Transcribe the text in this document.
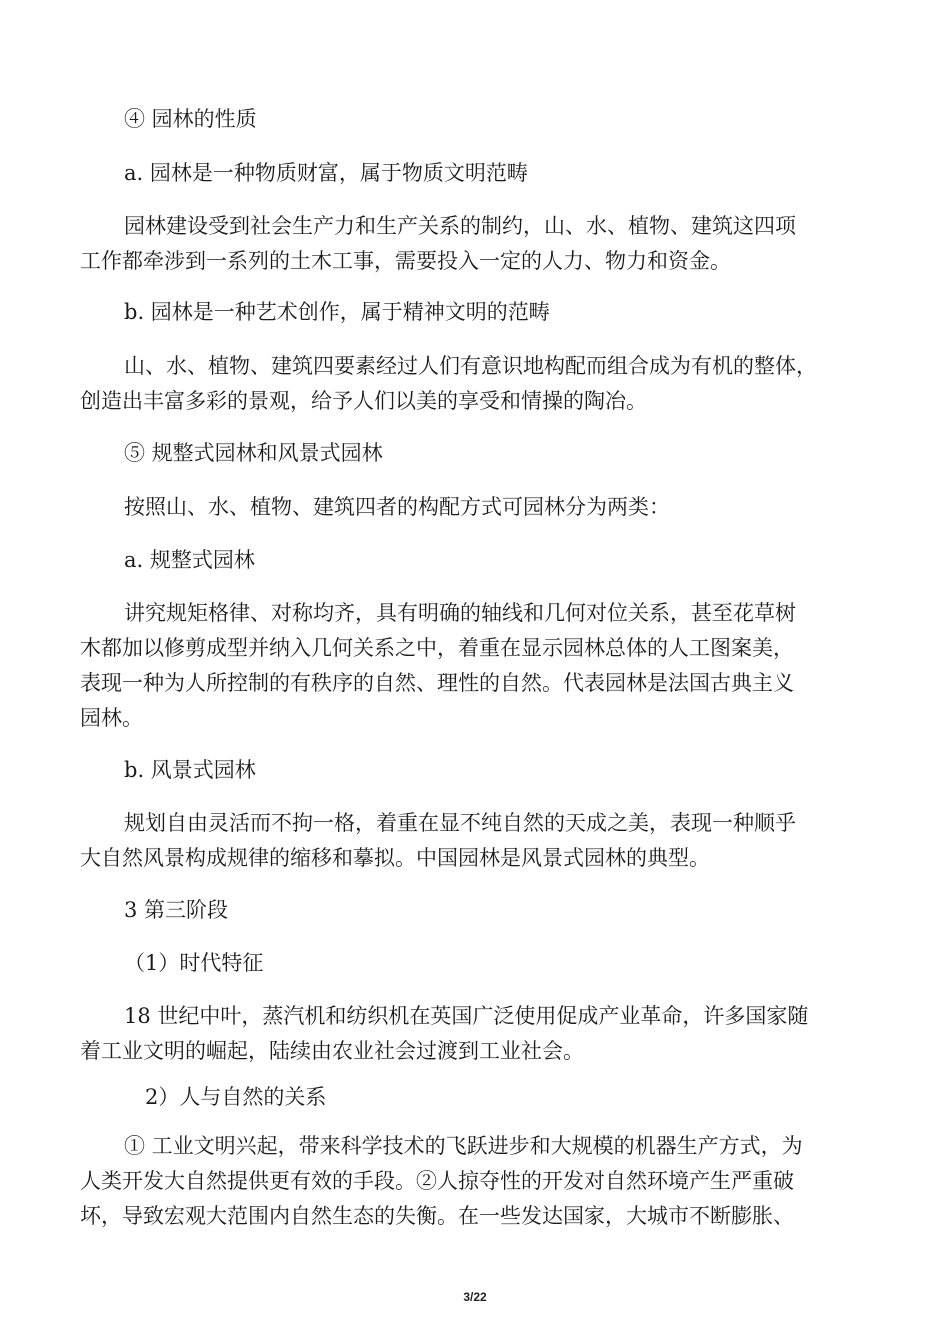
④ 园林的性质
a. 园林是一种物质财富，属于物质文明范畴
园林建设受到社会生产力和生产关系的制约，山、水、植物、建筑这四项
工作都牵涉到一系列的土木工事，需要投入一定的人力、物力和资金。
b. 园林是一种艺术创作，属于精神文明的范畴
山、水、植物、建筑四要素经过人们有意识地构配而组合成为有机的整体，
创造出丰富多彩的景观，给予人们以美的享受和情操的陶冶。
⑤ 规整式园林和风景式园林
按照山、水、植物、建筑四者的构配方式可园林分为两类：
a. 规整式园林
讲究规矩格律、对称均齐，具有明确的轴线和几何对位关系，甚至花草树
木都加以修剪成型并纳入几何关系之中，着重在显示园林总体的人工图案美，
表现一种为人所控制的有秩序的自然、理性的自然。代表园林是法国古典主义
园林。
b. 风景式园林
规划自由灵活而不拘一格，着重在显不纯自然的天成之美，表现一种顺乎
大自然风景构成规律的缩移和摹拟。中国园林是风景式园林的典型。
3 第三阶段
（1）时代特征
18 世纪中叶，蒸汽机和纺织机在英国广泛使用促成产业革命，许多国家随
着工业文明的崛起，陆续由农业社会过渡到工业社会。
2）人与自然的关系
① 工业文明兴起，带来科学技术的飞跃进步和大规模的机器生产方式，为
人类开发大自然提供更有效的手段。②人掠夺性的开发对自然环境产生严重破
坏，导致宏观大范围内自然生态的失衡。在一些发达国家，大城市不断膨胀、
3/22
